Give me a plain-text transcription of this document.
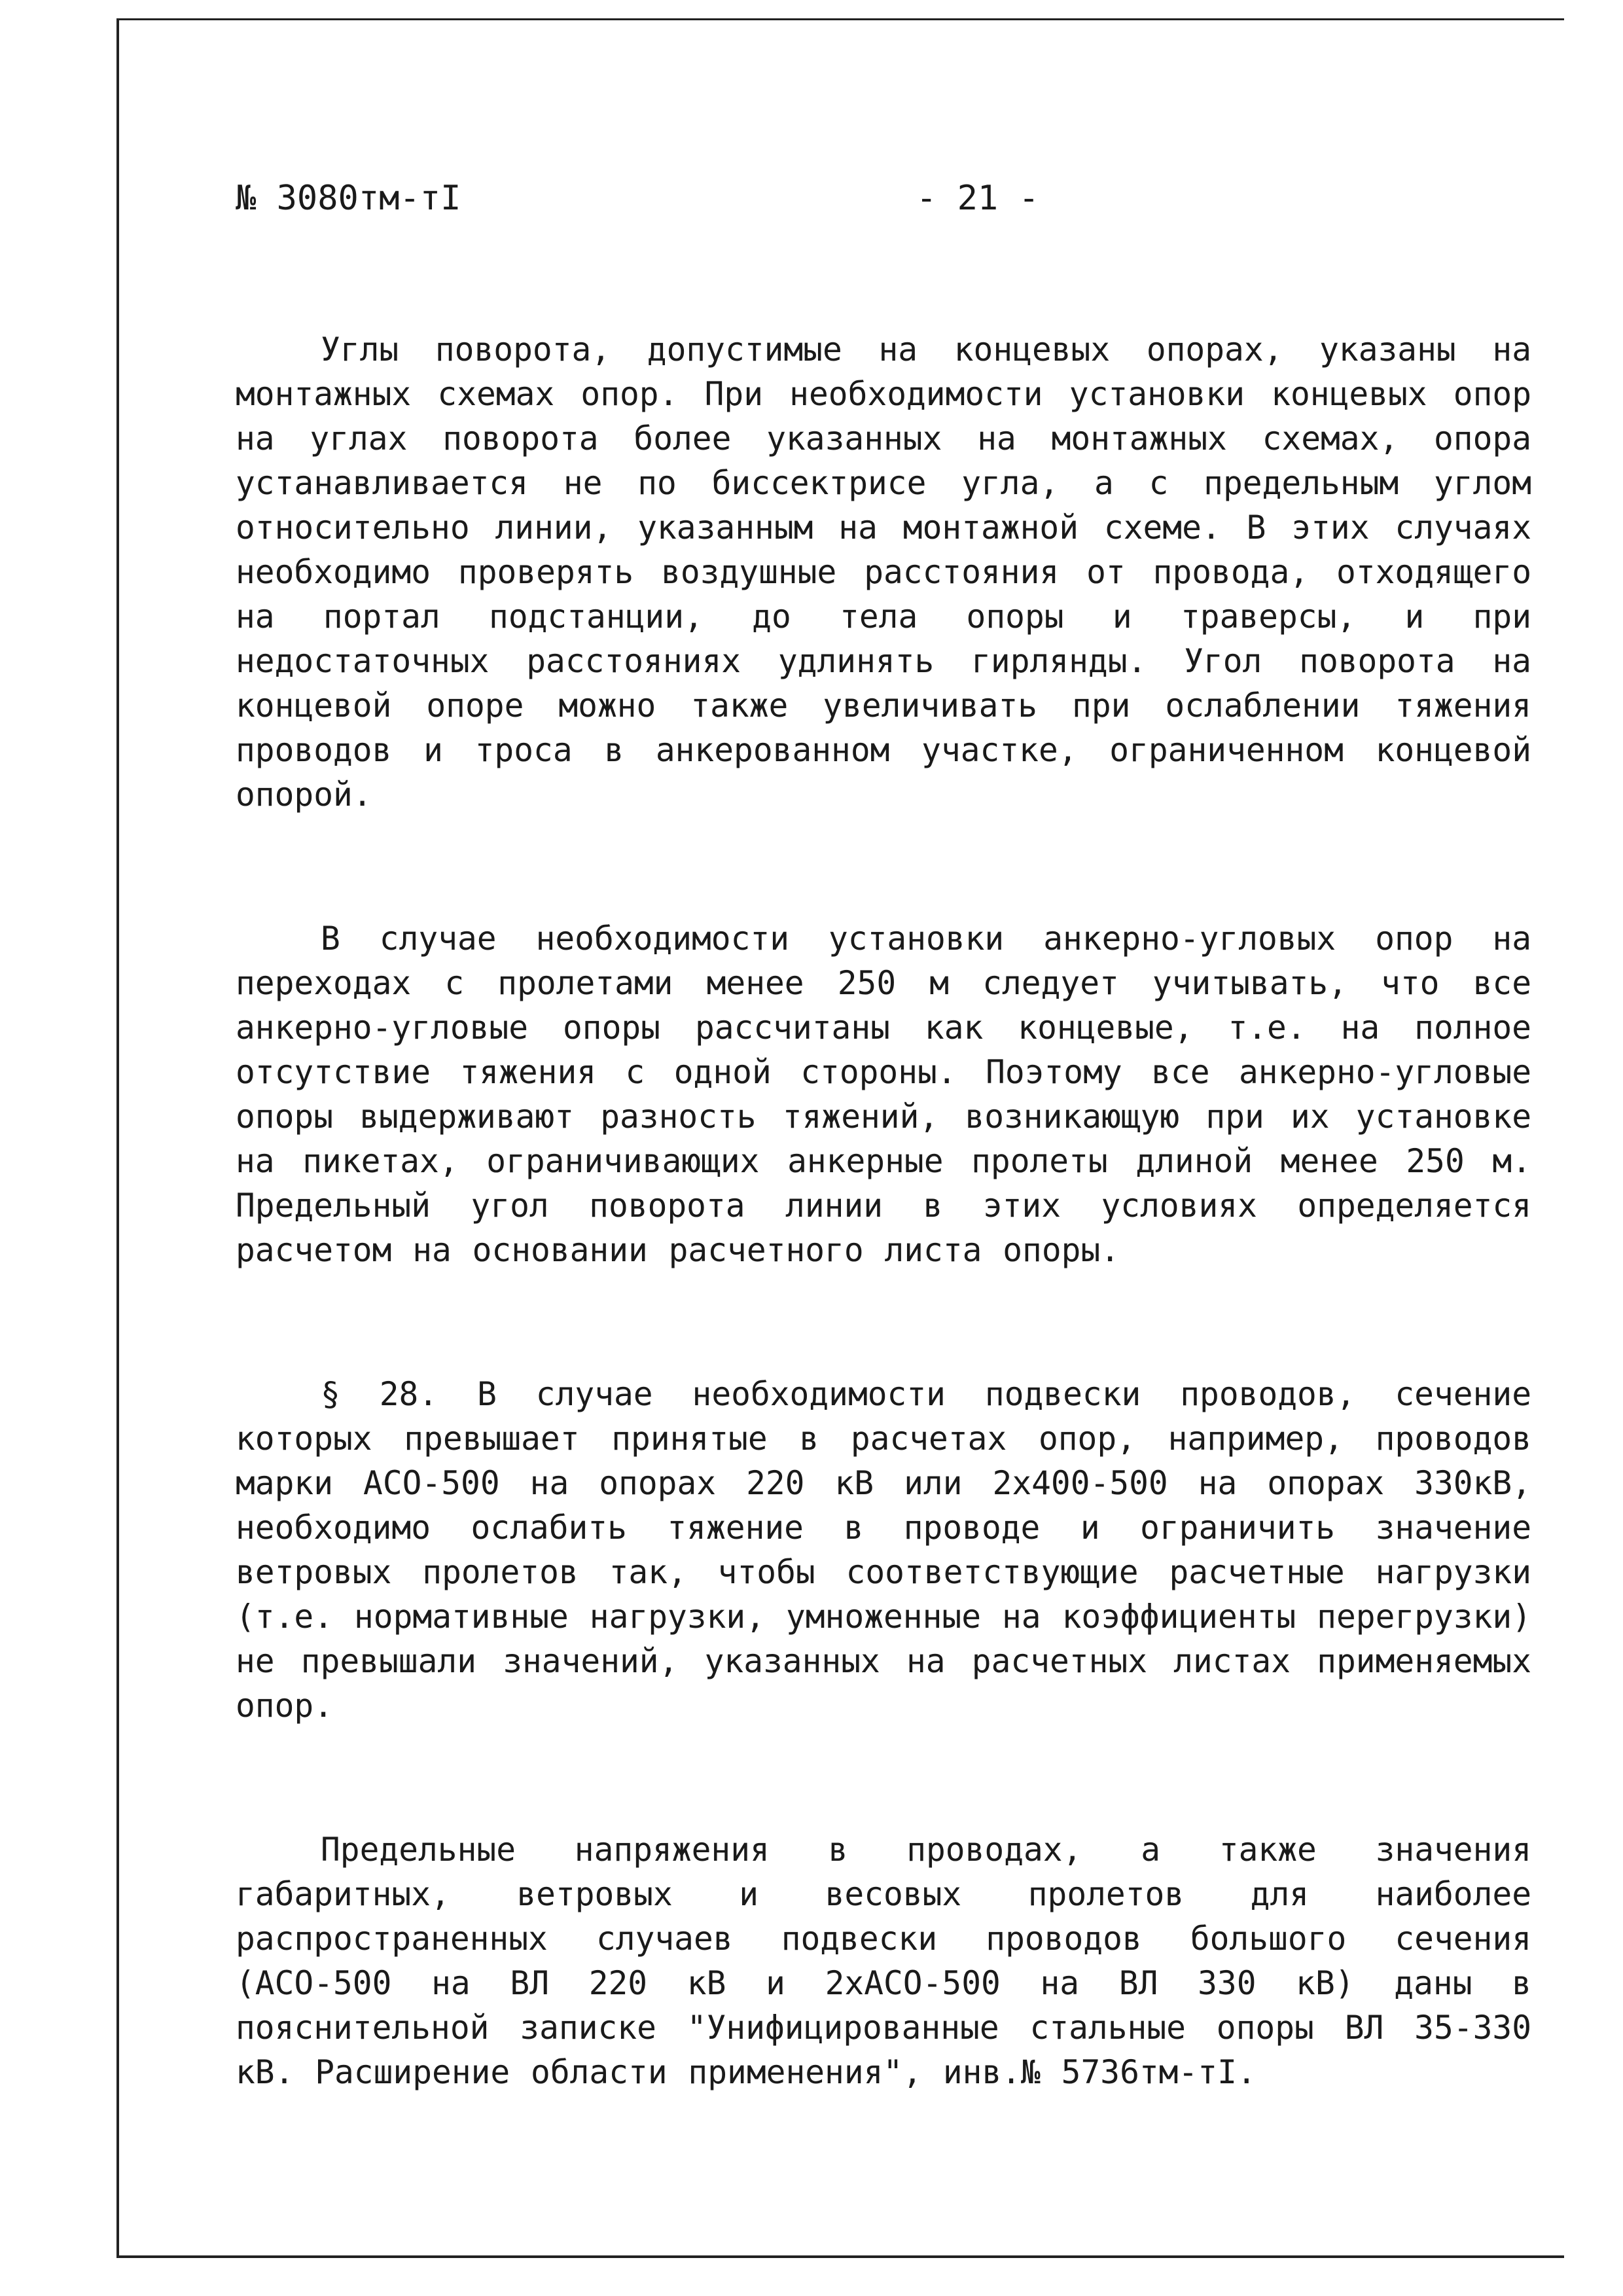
№ 3080тм-тI	- 21 -

Углы поворота, допустимые на концевых опорах, указаны на монтажных схемах опор. При необходимости установки концевых опор на углах поворота более указанных на монтажных схемах, опора устанавливается не по биссектрисе угла, а с предельным углом относительно линии, указанным на монтажной схеме. В этих случаях необходимо проверять воздушные расстояния от провода, отходящего на портал подстанции, до тела опоры и траверсы, и при недостаточных расстояниях удлинять гирлянды. Угол поворота на концевой опоре можно также увеличивать при ослаблении тяжения проводов и троса в анкерованном участке, ограниченном концевой опорой.

В случае необходимости установки анкерно-угловых опор на переходах с пролетами менее 250 м следует учитывать, что все анкерно-угловые опоры рассчитаны как концевые, т.е. на полное отсутствие тяжения с одной стороны. Поэтому все анкерно-угловые опоры выдерживают разность тяжений, возникающую при их установке на пикетах, ограничивающих анкерные пролеты длиной менее 250 м. Предельный угол поворота линии в этих условиях определяется расчетом на основании расчетного листа опоры.

§ 28. В случае необходимости подвески проводов, сечение которых превышает принятые в расчетах опор, например, проводов марки АСО-500 на опорах 220 кВ или 2х400-500 на опорах 330кВ, необходимо ослабить тяжение в проводе и ограничить значение ветровых пролетов так, чтобы соответствующие расчетные нагрузки (т.е. нормативные нагрузки, умноженные на коэффициенты перегрузки) не превышали значений, указанных на расчетных листах применяемых опор.

Предельные напряжения в проводах, а также значения габаритных, ветровых и весовых пролетов для наиболее распространенных случаев подвески проводов большого сечения (АСО-500 на ВЛ 220 кВ и 2хАСО-500 на ВЛ 330 кВ) даны в пояснительной записке "Унифицированные стальные опоры ВЛ 35-330 кВ. Расширение области применения", инв.№ 5736тм-тI.
